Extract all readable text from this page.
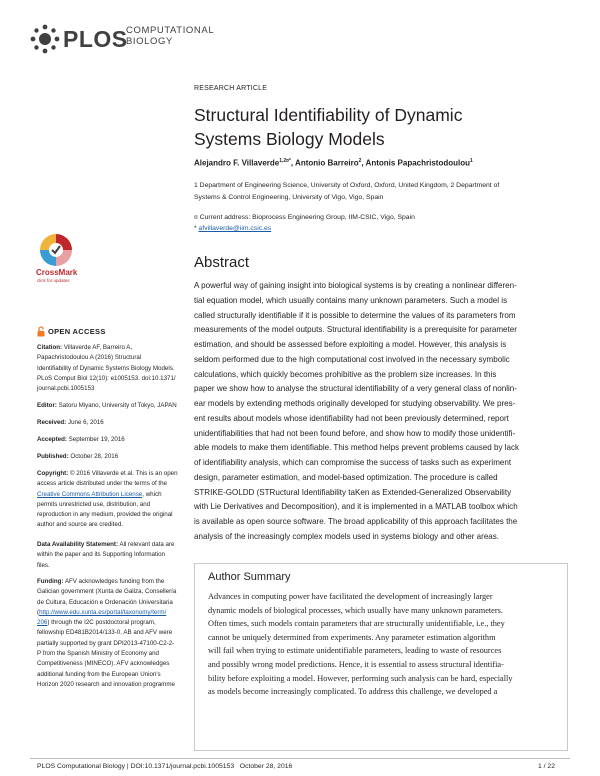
PLOS
COMPUTATIONAL
BIOLOGY
CrossMark
click for updates
OPEN ACCESS
Citation: Villaverde AF, Barreiro A,
Papachristodoulou A (2016) Structural
Identifiability of Dynamic Systems Biology Models.
PLoS Comput Biol 12(10): e1005153. doi:10.1371/
journal.pcbi.1005153
Editor: Satoru Miyano, University of Tokyo, JAPAN
Received: June 6, 2016
Accepted: September 19, 2016
Published: October 28, 2016
Copyright: © 2016 Villaverde et al. This is an open
access article distributed under the terms of the
Creative Commons Attribution License, which
permits unrestricted use, distribution, and
reproduction in any medium, provided the original
author and source are credited.
Data Availability Statement: All relevant data are
within the paper and its Supporting Information
files.
Funding: AFV acknowledges funding from the
Galician government (Xunta de Galiza, Consellería
de Cultura, Educación e Ordenación Universitaria
(http://www.edu.xunta.es/portal/taxonomy/term/
206) through the I2C postdoctoral program,
fellowship ED481B2014/133-0. AB and AFV were
partially supported by grant DPI2013-47100-C2-2-
P from the Spanish Ministry of Economy and
Competitiveness (MINECO). AFV acknowledges
additional funding from the European Union's
Horizon 2020 research and innovation programme
RESEARCH ARTICLE
Structural Identifiability of Dynamic
Systems Biology Models
Alejandro F. Villaverde$^{1,2¤*}$, Antonio Barreiro$^2$, Antonis Papachristodoulou$^1$
1 Department of Engineering Science, University of Oxford, Oxford, United Kingdom, 2 Department of
Systems & Control Engineering, University of Vigo, Vigo, Spain
¤ Current address: Bioprocess Engineering Group, IIM-CSIC, Vigo, Spain
* afvillaverde@iim.csic.es
Abstract
A powerful way of gaining insight into biological systems is by creating a nonlinear differen-
tial equation model, which usually contains many unknown parameters. Such a model is
called structurally identifiable if it is possible to determine the values of its parameters from
measurements of the model outputs. Structural identifiability is a prerequisite for parameter
estimation, and should be assessed before exploiting a model. However, this analysis is
seldom performed due to the high computational cost involved in the necessary symbolic
calculations, which quickly becomes prohibitive as the problem size increases. In this
paper we show how to analyse the structural identifiability of a very general class of nonlin-
ear models by extending methods originally developed for studying observability. We pres-
ent results about models whose identifiability had not been previously determined, report
unidentifiabilities that had not been found before, and show how to modify those unidentifi-
able models to make them identifiable. This method helps prevent problems caused by lack
of identifiability analysis, which can compromise the success of tasks such as experiment
design, parameter estimation, and model-based optimization. The procedure is called
STRIKE-GOLDD (STRuctural Identifiability taKen as Extended-Generalized Observability
with Lie Derivatives and Decomposition), and it is implemented in a MATLAB toolbox which
is available as open source software. The broad applicability of this approach facilitates the
analysis of the increasingly complex models used in systems biology and other areas.
Author Summary
Advances in computing power have facilitated the development of increasingly larger
dynamic models of biological processes, which usually have many unknown parameters.
Often times, such models contain parameters that are structurally unidentifiable, i.e., they
cannot be uniquely determined from experiments. Any parameter estimation algorithm
will fail when trying to estimate unidentifiable parameters, leading to waste of resources
and possibly wrong model predictions. Hence, it is essential to assess structural identifia-
bility before exploiting a model. However, performing such analysis can be hard, especially
as models become increasingly complicated. To address this challenge, we developed a
PLOS Computational Biology | DOI:10.1371/journal.pcbi.1005153   October 28, 2016	1 / 22
